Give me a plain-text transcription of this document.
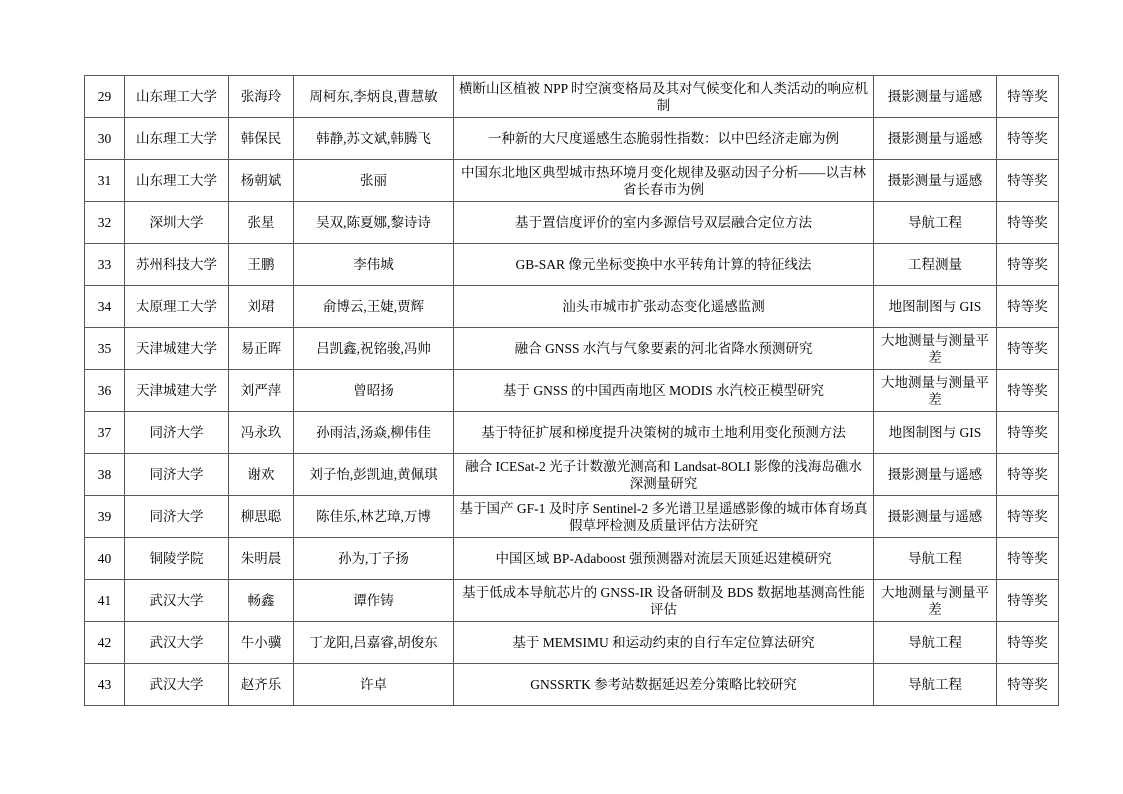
29	山东理工大学	张海玲	周柯东,李炳良,曹慧敏	横断山区植被 NPP 时空演变格局及其对气候变化和人类活动的响应机制	摄影测量与遥感	特等奖
30	山东理工大学	韩保民	韩静,苏文斌,韩腾飞	一种新的大尺度遥感生态脆弱性指数：以中巴经济走廊为例	摄影测量与遥感	特等奖
31	山东理工大学	杨朝斌	张丽	中国东北地区典型城市热环境月变化规律及驱动因子分析——以吉林省长春市为例	摄影测量与遥感	特等奖
32	深圳大学	张星	吴双,陈夏娜,黎诗诗	基于置信度评价的室内多源信号双层融合定位方法	导航工程	特等奖
33	苏州科技大学	王鹏	李伟城	GB-SAR 像元坐标变换中水平转角计算的特征线法	工程测量	特等奖
34	太原理工大学	刘珺	俞博云,王婕,贾辉	汕头市城市扩张动态变化遥感监测	地图制图与 GIS	特等奖
35	天津城建大学	易正晖	吕凯鑫,祝铭骏,冯帅	融合 GNSS 水汽与气象要素的河北省降水预测研究	大地测量与测量平差	特等奖
36	天津城建大学	刘严萍	曾昭扬	基于 GNSS 的中国西南地区 MODIS 水汽校正模型研究	大地测量与测量平差	特等奖
37	同济大学	冯永玖	孙雨洁,汤焱,柳伟佳	基于特征扩展和梯度提升决策树的城市土地利用变化预测方法	地图制图与 GIS	特等奖
38	同济大学	谢欢	刘子怡,彭凯迪,黄佩琪	融合 ICESat-2 光子计数激光测高和 Landsat-8OLI 影像的浅海岛礁水深测量研究	摄影测量与遥感	特等奖
39	同济大学	柳思聪	陈佳乐,林艺璋,万博	基于国产 GF-1 及时序 Sentinel-2 多光谱卫星遥感影像的城市体育场真假草坪检测及质量评估方法研究	摄影测量与遥感	特等奖
40	铜陵学院	朱明晨	孙为,丁子扬	中国区域 BP-Adaboost 强预测器对流层天顶延迟建模研究	导航工程	特等奖
41	武汉大学	畅鑫	谭作铸	基于低成本导航芯片的 GNSS-IR 设备研制及 BDS 数据地基测高性能评估	大地测量与测量平差	特等奖
42	武汉大学	牛小骥	丁龙阳,吕嘉睿,胡俊东	基于 MEMSIMU 和运动约束的自行车定位算法研究	导航工程	特等奖
43	武汉大学	赵齐乐	许卓	GNSSRTK 参考站数据延迟差分策略比较研究	导航工程	特等奖
